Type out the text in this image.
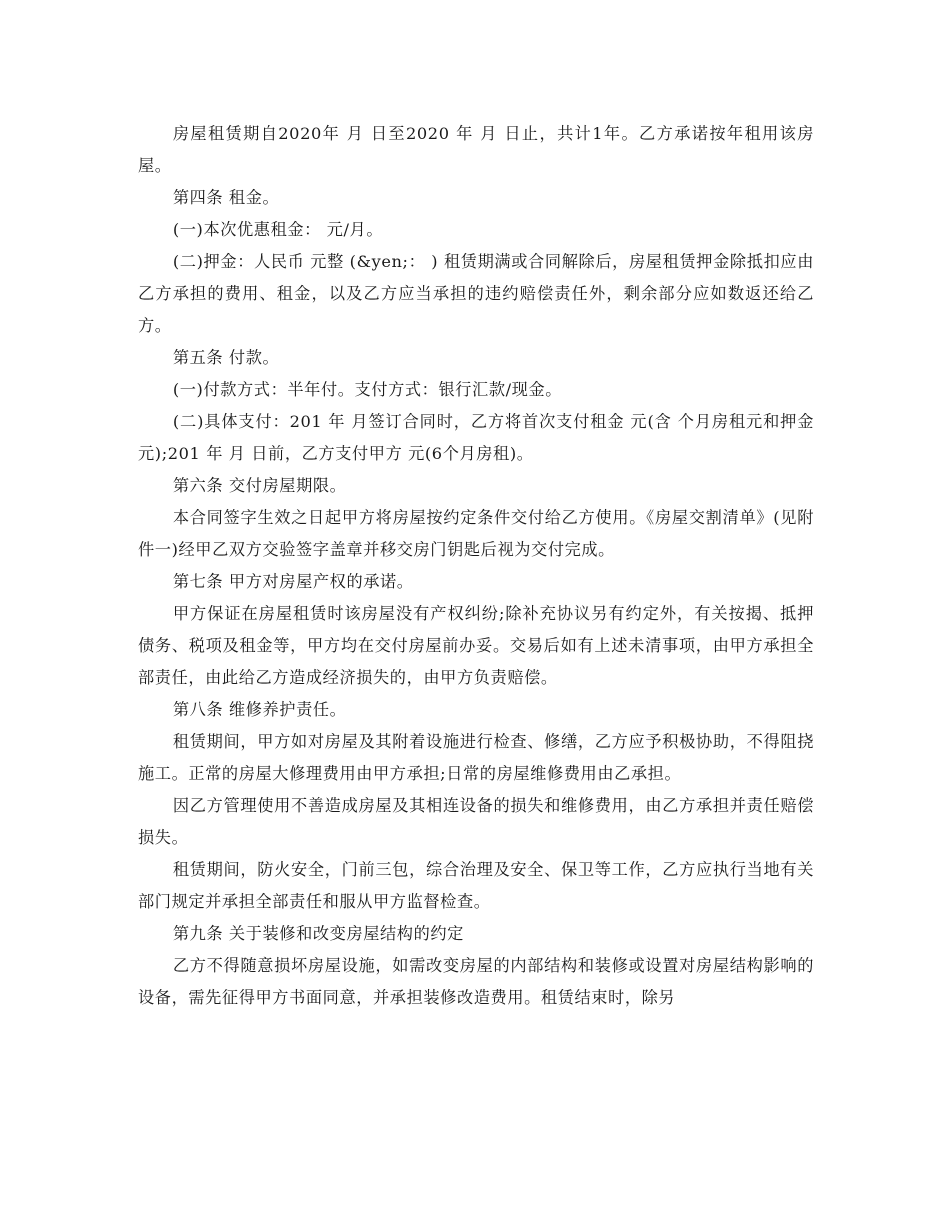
房屋租赁期自2020年 月 日至2020 年 月 日止，共计1年。乙方承诺按年租用该房屋。

第四条 租金。

(一)本次优惠租金： 元/月。

(二)押金：人民币 元整 (&yen;： ) 租赁期满或合同解除后，房屋租赁押金除抵扣应由乙方承担的费用、租金，以及乙方应当承担的违约赔偿责任外，剩余部分应如数返还给乙方。

第五条 付款。

(一)付款方式：半年付。支付方式：银行汇款/现金。

(二)具体支付：201 年 月签订合同时，乙方将首次支付租金 元(含 个月房租元和押金 元);201 年 月 日前，乙方支付甲方 元(6个月房租)。

第六条 交付房屋期限。

本合同签字生效之日起甲方将房屋按约定条件交付给乙方使用。《房屋交割清单》(见附件一)经甲乙双方交验签字盖章并移交房门钥匙后视为交付完成。

第七条 甲方对房屋产权的承诺。

甲方保证在房屋租赁时该房屋没有产权纠纷;除补充协议另有约定外，有关按揭、抵押债务、税项及租金等，甲方均在交付房屋前办妥。交易后如有上述未清事项，由甲方承担全部责任，由此给乙方造成经济损失的，由甲方负责赔偿。

第八条 维修养护责任。

租赁期间，甲方如对房屋及其附着设施进行检查、修缮，乙方应予积极协助，不得阻挠施工。正常的房屋大修理费用由甲方承担;日常的房屋维修费用由乙承担。

因乙方管理使用不善造成房屋及其相连设备的损失和维修费用，由乙方承担并责任赔偿损失。

租赁期间，防火安全，门前三包，综合治理及安全、保卫等工作，乙方应执行当地有关部门规定并承担全部责任和服从甲方监督检查。

第九条 关于装修和改变房屋结构的约定

乙方不得随意损坏房屋设施，如需改变房屋的内部结构和装修或设置对房屋结构影响的设备，需先征得甲方书面同意，并承担装修改造费用。租赁结束时，除另
